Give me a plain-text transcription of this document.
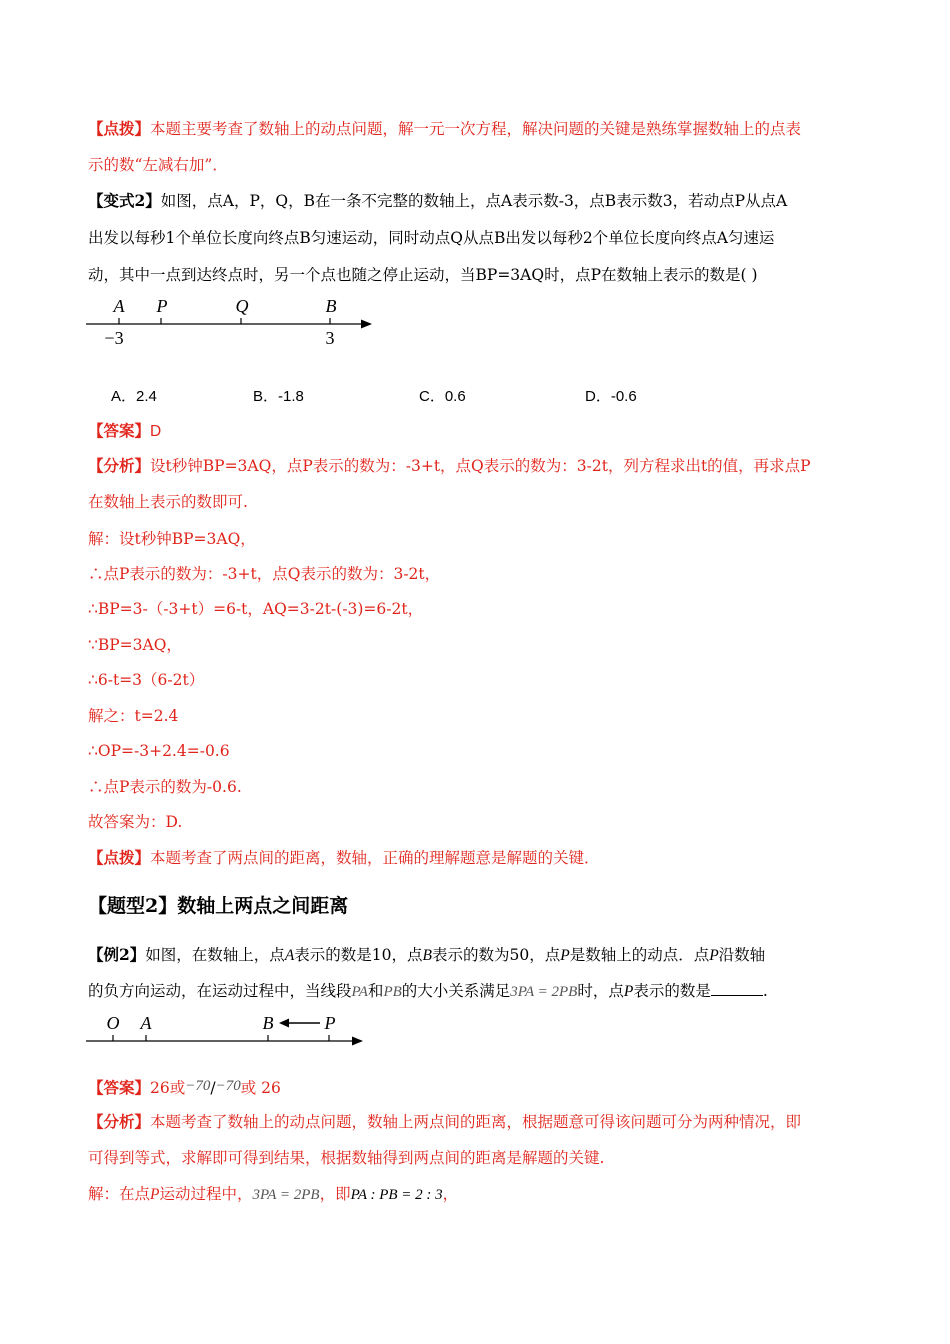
【点拨】本题主要考查了数轴上的动点问题，解一元一次方程，解决问题的关键是熟练掌握数轴上的点表
示的数“左减右加”．
【变式2】如图，点A，P，Q，B在一条不完整的数轴上，点A表示数-3，点B表示数3，若动点P从点A
出发以每秒1个单位长度向终点B匀速运动，同时动点Q从点B出发以每秒2个单位长度向终点A匀速运
动，其中一点到达终点时，另一个点也随之停止运动，当BP=3AQ时，点P在数轴上表示的数是( )
A P	Q	B
−3	3
A．2.4	B．-1.8	C．0.6	D．-0.6
【答案】D
【分析】设t秒钟BP=3AQ，点P表示的数为：-3+t，点Q表示的数为：3-2t，列方程求出t的值，再求点P
在数轴上表示的数即可.
解：设t秒钟BP=3AQ，
∴点P表示的数为：-3+t，点Q表示的数为：3-2t，
∴BP=3-（-3+t）=6-t，AQ=3-2t-(-3)=6-2t，
∵BP=3AQ，
∴6-t=3（6-2t）
解之：t=2.4
∴OP=-3+2.4=-0.6
∴点P表示的数为-0.6.
故答案为：D.
【点拨】本题考查了两点间的距离，数轴，正确的理解题意是解题的关键．
【题型2】数轴上两点之间距离
【例2】如图，在数轴上，点A表示的数是10，点B表示的数为50，点P是数轴上的动点．点P沿数轴
的负方向运动，在运动过程中，当线段PA和PB的大小关系满足3PA = 2PB时，点P表示的数是	.
O A	B	P
【答案】26或−70/−70或 26
【分析】本题考查了数轴上的动点问题，数轴上两点间的距离，根据题意可得该问题可分为两种情况，即
可得到等式，求解即可得到结果，根据数轴得到两点间的距离是解题的关键.
解：在点P运动过程中，3PA = 2PB，即PA : PB = 2 : 3，
